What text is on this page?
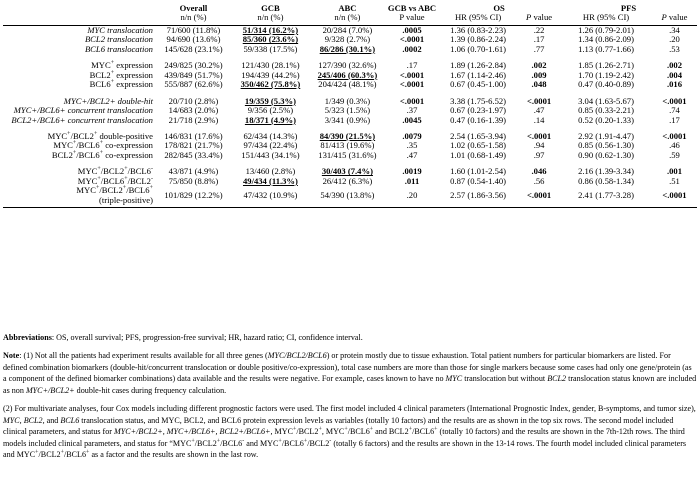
	Overall	GCB	ABC	GCB vs ABC	OS		PFS	
	n/n (%)	n/n (%)	n/n (%)	P value	HR (95% CI)	P value	HR (95% CI)	P value
MYC translocation	71/600 (11.8%)	51/314 (16.2%)	20/284 (7.0%)	.0005	1.36 (0.83-2.23)	.22	1.26 (0.79-2.01)	.34
BCL2 translocation	94/690 (13.6%)	85/360 (23.6%)	9/328 (2.7%)	<.0001	1.39 (0.86-2.24)	.17	1.34 (0.86-2.09)	.20
BCL6 translocation	145/628 (23.1%)	59/338 (17.5%)	86/286 (30.1%)	.0002	1.06 (0.70-1.61)	.77	1.13 (0.77-1.66)	.53

MYC+ expression	249/825 (30.2%)	121/430 (28.1%)	127/390 (32.6%)	.17	1.89 (1.26-2.84)	.002	1.85 (1.26-2.71)	.002
BCL2+ expression	439/849 (51.7%)	194/439 (44.2%)	245/406 (60.3%)	<.0001	1.67 (1.14-2.46)	.009	1.70 (1.19-2.42)	.004
BCL6+ expression	555/887 (62.6%)	350/462 (75.8%)	204/424 (48.1%)	<.0001	0.67 (0.45-1.00)	.048	0.47 (0.40-0.89)	.016

MYC+/BCL2+ double-hit	20/710 (2.8%)	19/359 (5.3%)	1/349 (0.3%)	<.0001	3.38 (1.75-6.52)	<.0001	3.04 (1.63-5.67)	<.0001
MYC+/BCL6+ concurrent translocation	14/683 (2.0%)	9/356 (2.5%)	5/323 (1.5%)	.37	0.67 (0.23-1.97)	.47	0.85 (0.33-2.21)	.74
BCL2+/BCL6+ concurrent translocation	21/718 (2.9%)	18/371 (4.9%)	3/341 (0.9%)	.0045	0.47 (0.16-1.39)	.14	0.52 (0.20-1.33)	.17

MYC+/BCL2+ double-positive	146/831 (17.6%)	62/434 (14.3%)	84/390 (21.5%)	.0079	2.54 (1.65-3.94)	<.0001	2.92 (1.91-4.47)	<.0001
MYC+/BCL6+ co-expression	178/821 (21.7%)	97/434 (22.4%)	81/413 (19.6%)	.35	1.02 (0.65-1.58)	.94	0.85 (0.56-1.30)	.46
BCL2+/BCL6+ co-expression	282/845 (33.4%)	151/443 (34.1%)	131/415 (31.6%)	.47	1.01 (0.68-1.49)	.97	0.90 (0.62-1.30)	.59

MYC+/BCL2+/BCL6-	43/871 (4.9%)	13/460 (2.8%)	30/403 (7.4%)	.0019	1.60 (1.01-2.54)	.046	2.16 (1.39-3.34)	.001
MYC+/BCL6+/BCL2-	75/850 (8.8%)	49/434 (11.3%)	26/412 (6.3%)	.011	0.87 (0.54-1.40)	.56	0.86 (0.58-1.34)	.51
MYC+/BCL2+/BCL6+
(triple-positive)	101/829 (12.2%)	47/432 (10.9%)	54/390 (13.8%)	.20	2.57 (1.86-3.56)	<.0001	2.41 (1.77-3.28)	<.0001

Abbreviations: OS, overall survival; PFS, progression-free survival; HR, hazard ratio; CI, confidence interval.

Note: (1) Not all the patients had experiment results available for all three genes (MYC/BCL2/BCL6) or protein mostly due to tissue exhaustion. Total patient numbers for particular biomarkers are listed. For defined combination biomarkers (double-hit/concurrent translocation or double positive/co-expression), total case numbers are more than those for single markers because some cases had only one gene/protein (as a component of the defined biomarker combinations) data available and the results were negative. For example, cases known to have no MYC translocation but without BCL2 translocation status known are included as non MYC+/BCL2+ double-hit cases during frequency calculation.

(2) For multivariate analyses, four Cox models including different prognostic factors were used. The first model included 4 clinical parameters (International Prognostic Index, gender, B-symptoms, and tumor size), MYC, BCL2, and BCL6 translocation status, and MYC, BCL2, and BCL6 protein expression levels as variables (totally 10 factors) and the results are as shown in the top six rows. The second model included clinical parameters, and status for MYC+/BCL2+, MYC+/BCL6+, BCL2+/BCL6+, MYC+/BCL2+, MYC+/BCL6+ and BCL2+/BCL6+ (totally 10 factors) and the results are shown in the 7th-12th rows. The third models included clinical parameters, and status for “MYC+/BCL2+/BCL6- and MYC+/BCL6+/BCL2- (totally 6 factors) and the results are shown in the 13-14 rows. The fourth model included clinical parameters and MYC+/BCL2+/BCL6+ as a factor and the results are shown in the last row.
